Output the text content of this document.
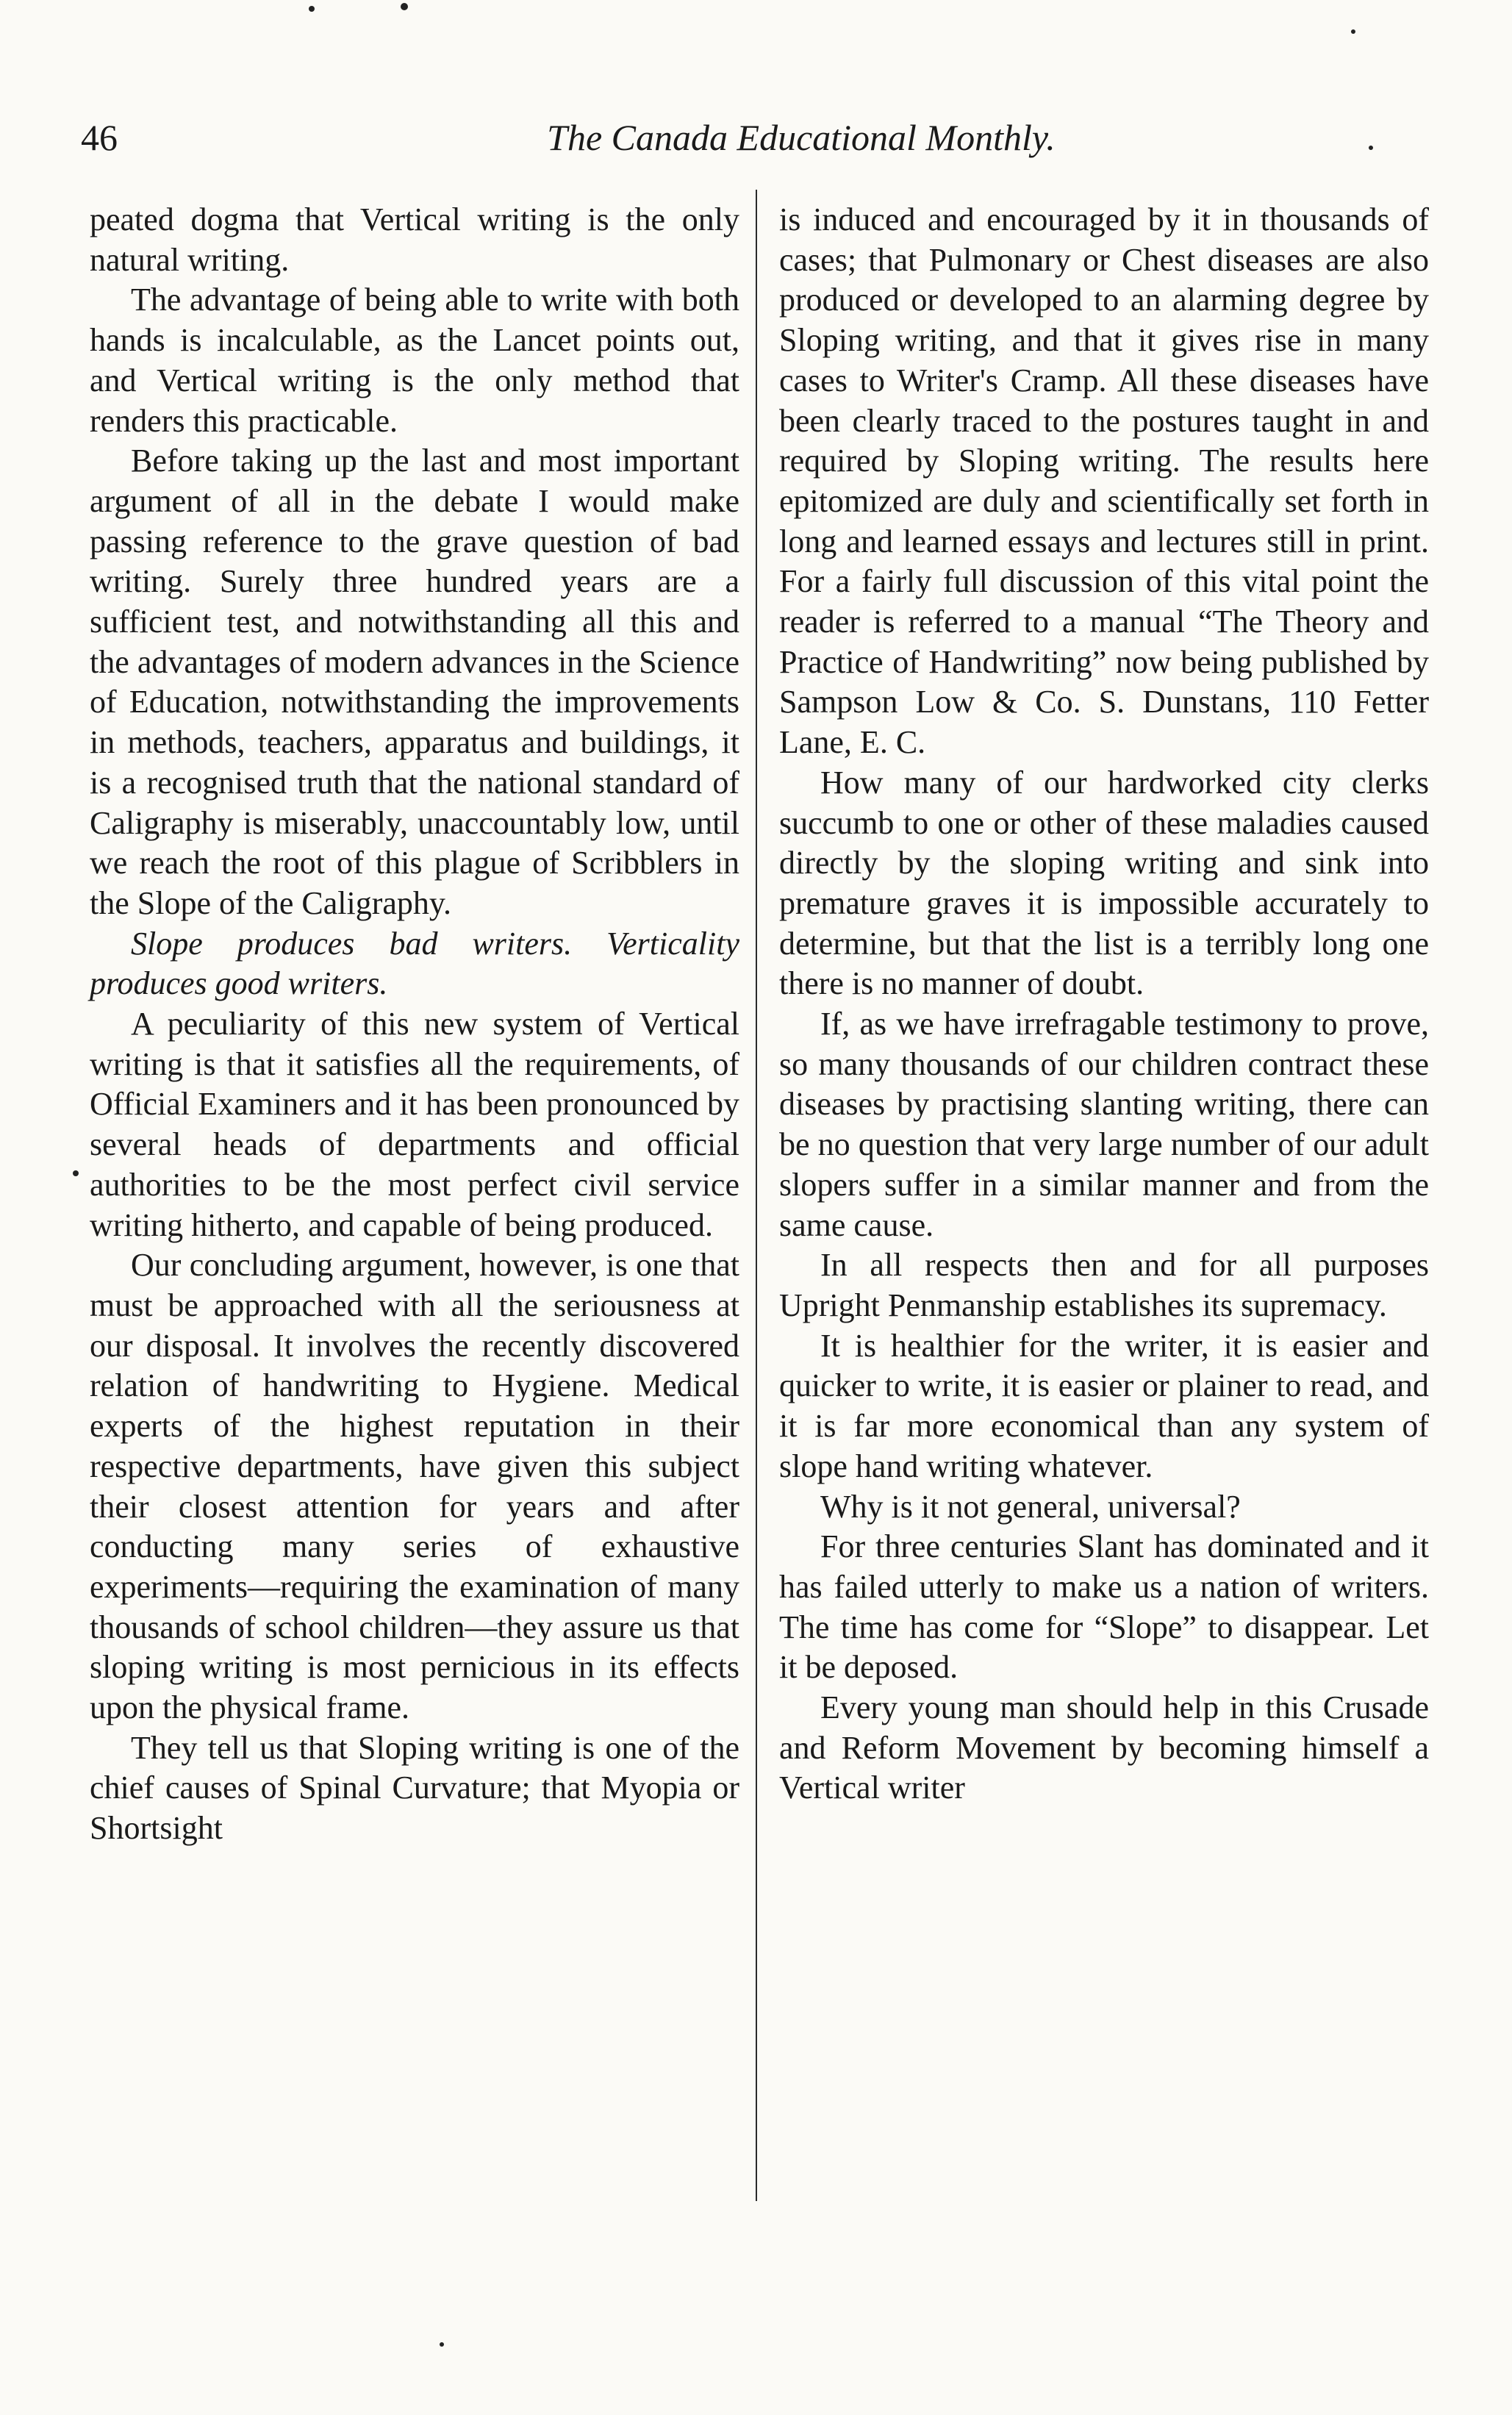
46	The Canada Educational Monthly.

peated dogma that Vertical writing is the only natural writing.

The advantage of being able to write with both hands is incalculable, as the Lancet points out, and Vertical writing is the only method that renders this practicable.

Before taking up the last and most important argument of all in the debate I would make passing reference to the grave question of bad writing. Surely three hundred years are a sufficient test, and notwithstanding all this and the advantages of modern advances in the Science of Education, notwithstanding the improvements in methods, teachers, apparatus and buildings, it is a recognised truth that the national standard of Caligraphy is miserably, unaccountably low, until we reach the root of this plague of Scribblers in the Slope of the Caligraphy.

Slope produces bad writers. Verticality produces good writers.

A peculiarity of this new system of Vertical writing is that it satisfies all the requirements, of Official Examiners and it has been pronounced by several heads of departments and official authorities to be the most perfect civil service writing hitherto, and capable of being produced.

Our concluding argument, however, is one that must be approached with all the seriousness at our disposal. It involves the recently discovered relation of handwriting to Hygiene. Medical experts of the highest reputation in their respective departments, have given this subject their closest attention for years and after conducting many series of exhaustive experiments—requiring the examination of many thousands of school children—they assure us that sloping writing is most pernicious in its effects upon the physical frame.

They tell us that Sloping writing is one of the chief causes of Spinal Curvature; that Myopia or Shortsight

is induced and encouraged by it in thousands of cases; that Pulmonary or Chest diseases are also produced or developed to an alarming degree by Sloping writing, and that it gives rise in many cases to Writer's Cramp. All these diseases have been clearly traced to the postures taught in and required by Sloping writing. The results here epitomized are duly and scientifically set forth in long and learned essays and lectures still in print. For a fairly full discussion of this vital point the reader is referred to a manual “The Theory and Practice of Handwriting” now being published by Sampson Low & Co. S. Dunstans, 110 Fetter Lane, E. C.

How many of our hardworked city clerks succumb to one or other of these maladies caused directly by the sloping writing and sink into premature graves it is impossible accurately to determine, but that the list is a terribly long one there is no manner of doubt.

If, as we have irrefragable testimony to prove, so many thousands of our children contract these diseases by practising slanting writing, there can be no question that very large number of our adult slopers suffer in a similar manner and from the same cause.

In all respects then and for all purposes Upright Penmanship establishes its supremacy.

It is healthier for the writer, it is easier and quicker to write, it is easier or plainer to read, and it is far more economical than any system of slope hand writing whatever.

Why is it not general, universal?

For three centuries Slant has dominated and it has failed utterly to make us a nation of writers. The time has come for “Slope” to disappear. Let it be deposed.

Every young man should help in this Crusade and Reform Movement by becoming himself a Vertical writer
